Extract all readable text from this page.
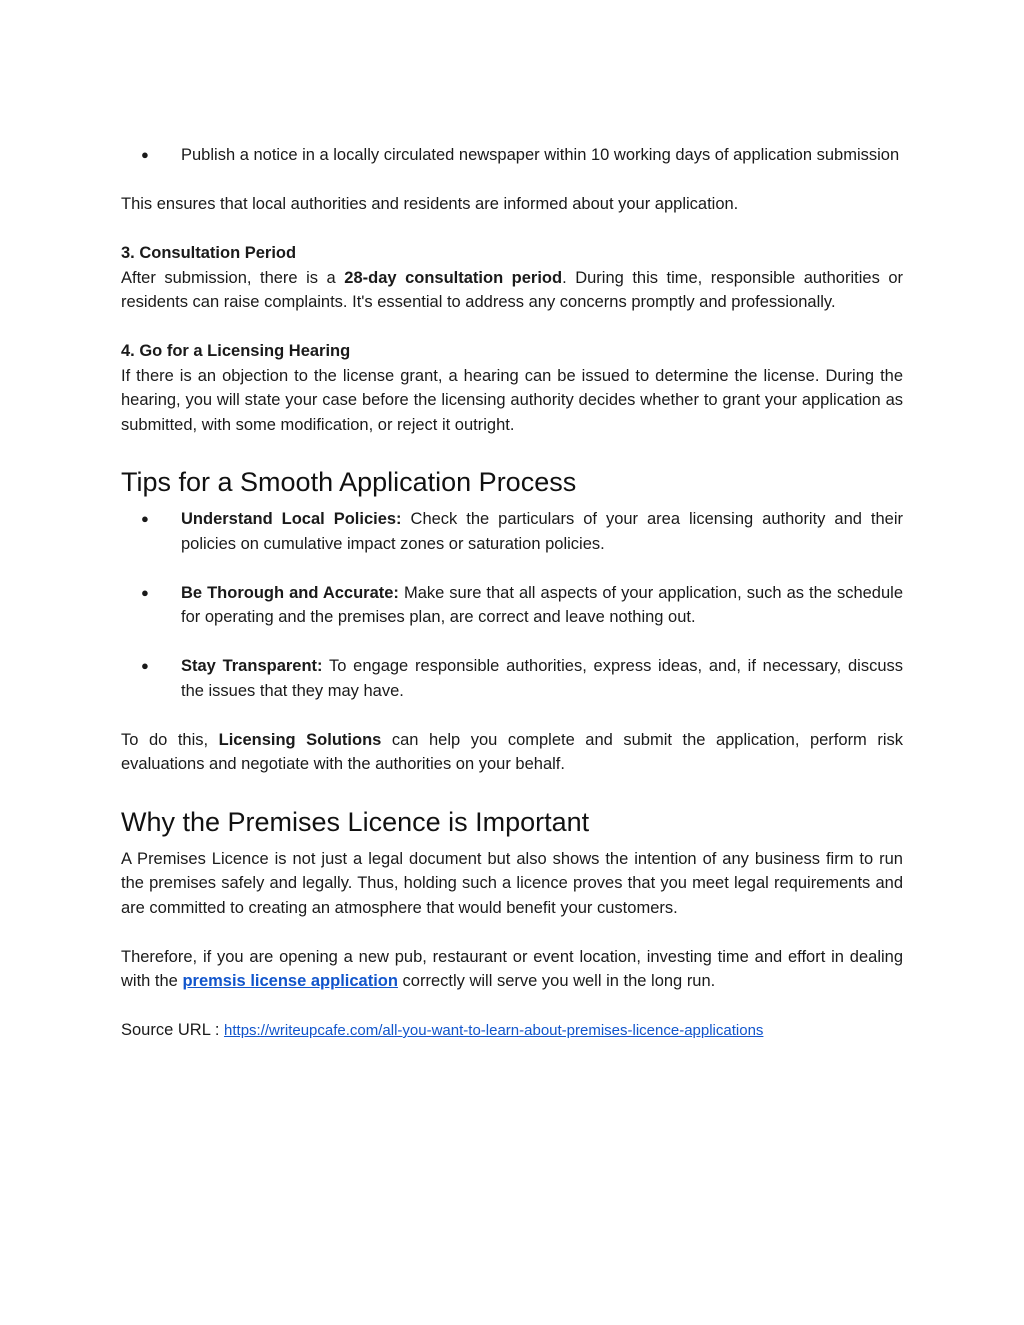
● Publish a notice in a locally circulated newspaper within 10 working days of application submission

This ensures that local authorities and residents are informed about your application.

3. Consultation Period

After submission, there is a 28-day consultation period. During this time, responsible authorities or residents can raise complaints. It's essential to address any concerns promptly and professionally.

4. Go for a Licensing Hearing

If there is an objection to the license grant, a hearing can be issued to determine the license. During the hearing, you will state your case before the licensing authority decides whether to grant your application as submitted, with some modification, or reject it outright.

Tips for a Smooth Application Process
● Understand Local Policies: Check the particulars of your area licensing authority and their policies on cumulative impact zones or saturation policies.
● Be Thorough and Accurate: Make sure that all aspects of your application, such as the schedule for operating and the premises plan, are correct and leave nothing out.
● Stay Transparent: To engage responsible authorities, express ideas, and, if necessary, discuss the issues that they may have.

To do this, Licensing Solutions can help you complete and submit the application, perform risk evaluations and negotiate with the authorities on your behalf.

Why the Premises Licence is Important

A Premises Licence is not just a legal document but also shows the intention of any business firm to run the premises safely and legally. Thus, holding such a licence proves that you meet legal requirements and are committed to creating an atmosphere that would benefit your customers.

Therefore, if you are opening a new pub, restaurant or event location, investing time and effort in dealing with the premsis license application correctly will serve you well in the long run.

Source URL : https://writeupcafe.com/all-you-want-to-learn-about-premises-licence-applications
